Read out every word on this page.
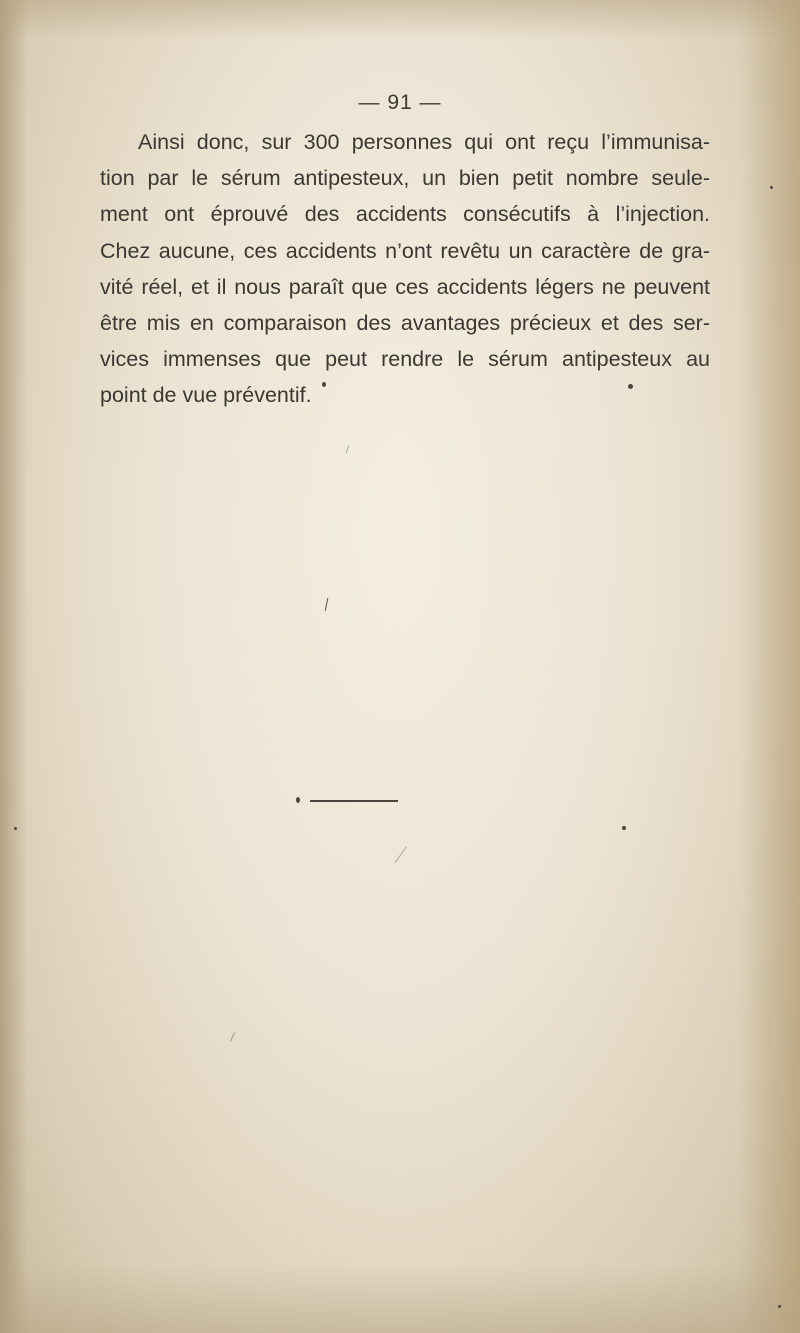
— 91 —

Ainsi donc, sur 300 personnes qui ont reçu l’immunisa-
tion par le sérum antipesteux, un bien petit nombre seule-
ment ont éprouvé des accidents consécutifs à l’injection.
Chez aucune, ces accidents n’ont revêtu un caractère de gra-
vité réel, et il nous paraît que ces accidents légers ne peuvent
être mis en comparaison des avantages précieux et des ser-
vices immenses que peut rendre le sérum antipesteux au
point de vue préventif.
